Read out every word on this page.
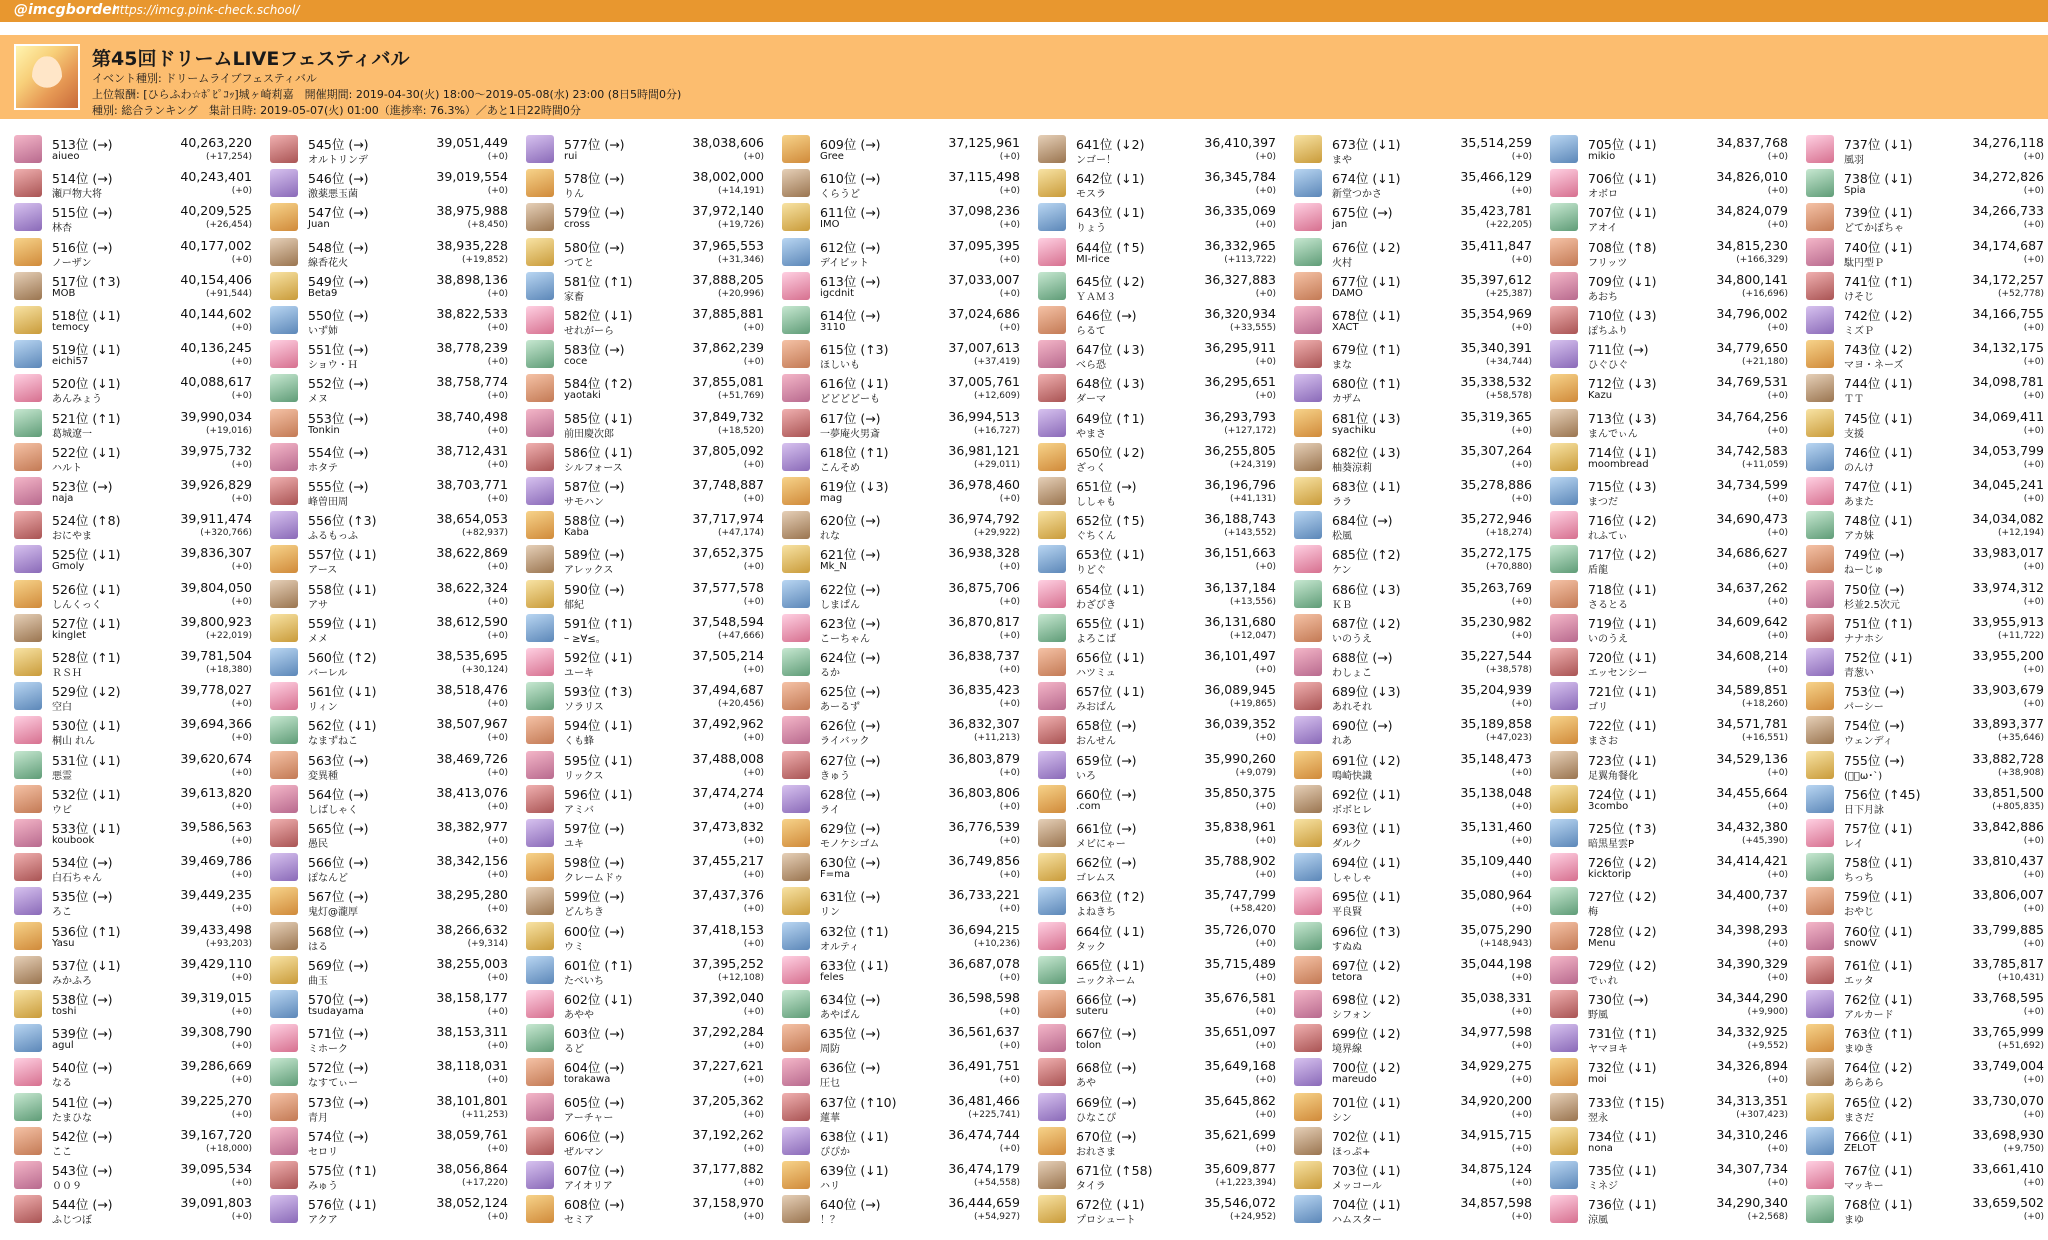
@imcgborder
https://imcg.pink-check.school/
第45回ドリームLIVEフェスティバル
イベント種別: ドリームライブフェスティバル
上位報酬: [ひらふわ☆ﾎﾟﾋﾟｺｯ]城ヶ崎莉嘉　開催期間: 2019-04-30(火) 18:00〜2019-05-08(水) 23:00 (8日5時間0分)
種別: 総合ランキング　集計日時: 2019-05-07(火) 01:00（進捗率: 76.3%）／あと1日22時間0分
513位 (→)
aiueo
40,263,220
(+17,254)
514位 (→)
瀬戸物大将
40,243,401
(+0)
515位 (→)
林杏
40,209,525
(+26,454)
516位 (→)
ノーザン
40,177,002
(+0)
517位 (↑3)
MOB
40,154,406
(+91,544)
518位 (↓1)
temocy
40,144,602
(+0)
519位 (↓1)
eichi57
40,136,245
(+0)
520位 (↓1)
あんみょう
40,088,617
(+0)
521位 (↑1)
葛城遼一
39,990,034
(+19,016)
522位 (↓1)
ハルト
39,975,732
(+0)
523位 (→)
naja
39,926,829
(+0)
524位 (↑8)
おにやま
39,911,474
(+320,766)
525位 (↓1)
Gmoly
39,836,307
(+0)
526位 (↓1)
しんくっく
39,804,050
(+0)
527位 (↓1)
kinglet
39,800,923
(+22,019)
528位 (↑1)
ＲＳＨ
39,781,504
(+18,380)
529位 (↓2)
空白
39,778,027
(+0)
530位 (↓1)
桐山 れん
39,694,366
(+0)
531位 (↓1)
悪霊
39,620,674
(+0)
532位 (↓1)
ウビ
39,613,820
(+0)
533位 (↓1)
koubook
39,586,563
(+0)
534位 (→)
白石ちゃん
39,469,786
(+0)
535位 (→)
ろこ
39,449,235
(+0)
536位 (↑1)
Yasu
39,433,498
(+93,203)
537位 (↓1)
みかふろ
39,429,110
(+0)
538位 (→)
toshi
39,319,015
(+0)
539位 (→)
agul
39,308,790
(+0)
540位 (→)
なる
39,286,669
(+0)
541位 (→)
たまひな
39,225,270
(+0)
542位 (→)
ここ
39,167,720
(+18,000)
543位 (→)
００９
39,095,534
(+0)
544位 (→)
ふじつぼ
39,091,803
(+0)
545位 (→)
オルトリンデ
39,051,449
(+0)
546位 (→)
激薬悪玉菌
39,019,554
(+0)
547位 (→)
Juan
38,975,988
(+8,450)
548位 (→)
線香花火
38,935,228
(+19,852)
549位 (→)
Beta9
38,898,136
(+0)
550位 (→)
いず姉
38,822,533
(+0)
551位 (→)
ショウ・Ｈ
38,778,239
(+0)
552位 (→)
メヌ
38,758,774
(+0)
553位 (→)
Tonkin
38,740,498
(+0)
554位 (→)
ホタテ
38,712,431
(+0)
555位 (→)
峰曽田周
38,703,771
(+0)
556位 (↑3)
ふるもっふ
38,654,053
(+82,937)
557位 (↓1)
アース
38,622,869
(+0)
558位 (↓1)
アサ
38,622,324
(+0)
559位 (↓1)
メメ
38,612,590
(+0)
560位 (↑2)
バーレル
38,535,695
(+30,124)
561位 (↓1)
リィン
38,518,476
(+0)
562位 (↓1)
なまずねこ
38,507,967
(+0)
563位 (→)
変異種
38,469,726
(+0)
564位 (→)
しばしゃく
38,413,076
(+0)
565位 (→)
愚民
38,382,977
(+0)
566位 (→)
ぽなんど
38,342,156
(+0)
567位 (→)
鬼灯@瀧厚
38,295,280
(+0)
568位 (→)
はる
38,266,632
(+9,314)
569位 (→)
曲玉
38,255,003
(+0)
570位 (→)
tsudayama
38,158,177
(+0)
571位 (→)
ミホーク
38,153,311
(+0)
572位 (→)
なすてぃー
38,118,031
(+0)
573位 (→)
青月
38,101,801
(+11,253)
574位 (→)
セロリ
38,059,761
(+0)
575位 (↑1)
みゅう
38,056,864
(+17,220)
576位 (↓1)
アクア
38,052,124
(+0)
577位 (→)
rui
38,038,606
(+0)
578位 (→)
りん
38,002,000
(+14,191)
579位 (→)
cross
37,972,140
(+19,726)
580位 (→)
つてと
37,965,553
(+31,346)
581位 (↑1)
家畜
37,888,205
(+20,996)
582位 (↓1)
せれがーら
37,885,881
(+0)
583位 (→)
coce
37,862,239
(+0)
584位 (↑2)
yaotaki
37,855,081
(+51,769)
585位 (↓1)
前田慶次郎
37,849,732
(+18,520)
586位 (↓1)
シルフォース
37,805,092
(+0)
587位 (→)
サモハン
37,748,887
(+0)
588位 (→)
Kaba
37,717,974
(+47,174)
589位 (→)
アレックス
37,652,375
(+0)
590位 (→)
郁紀
37,577,578
(+0)
591位 (↑1)
ｰ ≥∀≤。
37,548,594
(+47,666)
592位 (↓1)
ユーキ
37,505,214
(+0)
593位 (↑3)
ソラリス
37,494,687
(+20,456)
594位 (↓1)
くも蜂
37,492,962
(+0)
595位 (↓1)
リックス
37,488,008
(+0)
596位 (↓1)
アミバ
37,474,274
(+0)
597位 (→)
ユキ
37,473,832
(+0)
598位 (→)
クレームドゥ
37,455,217
(+0)
599位 (→)
どんちき
37,437,376
(+0)
600位 (→)
ウミ
37,418,153
(+0)
601位 (↑1)
たべいち
37,395,252
(+12,108)
602位 (↓1)
あやや
37,392,040
(+0)
603位 (→)
るど
37,292,284
(+0)
604位 (→)
torakawa
37,227,621
(+0)
605位 (→)
アーチャー
37,205,362
(+0)
606位 (→)
ぜルマン
37,192,262
(+0)
607位 (→)
アイオリア
37,177,882
(+0)
608位 (→)
セミア
37,158,970
(+0)
609位 (→)
Gree
37,125,961
(+0)
610位 (→)
くらうど
37,115,498
(+0)
611位 (→)
IMO
37,098,236
(+0)
612位 (→)
デイビット
37,095,395
(+0)
613位 (→)
igcdnit
37,033,007
(+0)
614位 (→)
3110
37,024,686
(+0)
615位 (↑3)
ほしいも
37,007,613
(+37,419)
616位 (↓1)
どどどどーも
37,005,761
(+12,609)
617位 (→)
一夢庵火男斎
36,994,513
(+16,727)
618位 (↑1)
こんそめ
36,981,121
(+29,011)
619位 (↓3)
mag
36,978,460
(+0)
620位 (→)
れな
36,974,792
(+29,922)
621位 (→)
Mk_N
36,938,328
(+0)
622位 (→)
しまぱん
36,875,706
(+0)
623位 (→)
こーちゃん
36,870,817
(+0)
624位 (→)
るか
36,838,737
(+0)
625位 (→)
あーるず
36,835,423
(+0)
626位 (→)
ライバック
36,832,307
(+11,213)
627位 (→)
きゅう
36,803,879
(+0)
628位 (→)
ライ
36,803,806
(+0)
629位 (→)
モノケシゴム
36,776,539
(+0)
630位 (→)
F=ma
36,749,856
(+0)
631位 (→)
リン
36,733,221
(+0)
632位 (↑1)
オルティ
36,694,215
(+10,236)
633位 (↓1)
feles
36,687,078
(+0)
634位 (→)
あやぱん
36,598,598
(+0)
635位 (→)
周防
36,561,637
(+0)
636位 (→)
圧乜
36,491,751
(+0)
637位 (↑10)
蓮華
36,481,466
(+225,741)
638位 (↓1)
ぴぴか
36,474,744
(+0)
639位 (↓1)
ハリ
36,474,179
(+54,558)
640位 (→)
！？
36,444,659
(+54,927)
641位 (↓2)
ンゴー！
36,410,397
(+0)
642位 (↓1)
モスラ
36,345,784
(+0)
643位 (↓1)
りょう
36,335,069
(+0)
644位 (↑5)
MI-rice
36,332,965
(+113,722)
645位 (↓2)
ＹＡＭ３
36,327,883
(+0)
646位 (→)
らるて
36,320,934
(+33,555)
647位 (↓3)
べら恐
36,295,911
(+0)
648位 (↓3)
ダーマ
36,295,651
(+0)
649位 (↑1)
やまさ
36,293,793
(+127,172)
650位 (↓2)
ざっく
36,255,805
(+24,319)
651位 (→)
ししゃも
36,196,796
(+41,131)
652位 (↑5)
ぐちくん
36,188,743
(+143,552)
653位 (↓1)
りどぐ
36,151,663
(+0)
654位 (↓1)
わざびき
36,137,184
(+13,556)
655位 (↓1)
よろこば
36,131,680
(+12,047)
656位 (↓1)
ハツミュ
36,101,497
(+0)
657位 (↓1)
みおぱん
36,089,945
(+19,865)
658位 (→)
おんせん
36,039,352
(+0)
659位 (→)
いろ
35,990,260
(+9,079)
660位 (→)
.com
35,850,375
(+0)
661位 (→)
メビにゃー
35,838,961
(+0)
662位 (→)
ゴレムス
35,788,902
(+0)
663位 (↑2)
よねきち
35,747,799
(+58,420)
664位 (↓1)
タック
35,726,070
(+0)
665位 (↓1)
ニックネーム
35,715,489
(+0)
666位 (→)
suteru
35,676,581
(+0)
667位 (→)
tolon
35,651,097
(+0)
668位 (→)
あや
35,649,168
(+0)
669位 (→)
ひなこぴ
35,645,862
(+0)
670位 (→)
おれさま
35,621,699
(+0)
671位 (↑58)
タイラ
35,609,877
(+1,223,394)
672位 (↓1)
プロシュート
35,546,072
(+24,952)
673位 (↓1)
まや
35,514,259
(+0)
674位 (↓1)
新堂つかさ
35,466,129
(+0)
675位 (→)
jan
35,423,781
(+22,205)
676位 (↓2)
火村
35,411,847
(+0)
677位 (↓1)
DAMO
35,397,612
(+25,387)
678位 (↓1)
XACT
35,354,969
(+0)
679位 (↑1)
まな
35,340,391
(+34,744)
680位 (↑1)
カザム
35,338,532
(+58,578)
681位 (↓3)
syachiku
35,319,365
(+0)
682位 (↓3)
柚葵涼莉
35,307,264
(+0)
683位 (↓1)
ララ
35,278,886
(+0)
684位 (→)
松風
35,272,946
(+18,274)
685位 (↑2)
ケン
35,272,175
(+70,880)
686位 (↓3)
ＫＢ
35,263,769
(+0)
687位 (↓2)
いのうえ
35,230,982
(+0)
688位 (→)
わしょこ
35,227,544
(+38,578)
689位 (↓3)
あれそれ
35,204,939
(+0)
690位 (→)
れあ
35,189,858
(+47,023)
691位 (↓2)
鳴崎快識
35,148,473
(+0)
692位 (↓1)
ボボヒレ
35,138,048
(+0)
693位 (↓1)
ダルク
35,131,460
(+0)
694位 (↓1)
しゃしゃ
35,109,440
(+0)
695位 (↓1)
平良賢
35,080,964
(+0)
696位 (↑3)
すぬぬ
35,075,290
(+148,943)
697位 (↓2)
tetora
35,044,198
(+0)
698位 (↓2)
シフォン
35,038,331
(+0)
699位 (↓2)
境界線
34,977,598
(+0)
700位 (↓2)
mareudo
34,929,275
(+0)
701位 (↓1)
シン
34,920,200
(+0)
702位 (↓1)
ほっぷ+
34,915,715
(+0)
703位 (↓1)
メッコール
34,875,124
(+0)
704位 (↓1)
ハムスター
34,857,598
(+0)
705位 (↓1)
mikio
34,837,768
(+0)
706位 (↓1)
オボロ
34,826,010
(+0)
707位 (↓1)
アオイ
34,824,079
(+0)
708位 (↑8)
フリッツ
34,815,230
(+166,329)
709位 (↓1)
あおち
34,800,141
(+16,696)
710位 (↓3)
ぽちふり
34,796,002
(+0)
711位 (→)
ひぐひぐ
34,779,650
(+21,180)
712位 (↓3)
Kazu
34,769,531
(+0)
713位 (↓3)
まんでぃん
34,764,256
(+0)
714位 (↓1)
moombread
34,742,583
(+11,059)
715位 (↓3)
まつだ
34,734,599
(+0)
716位 (↓2)
れふてぃ
34,690,473
(+0)
717位 (↓2)
盾龍
34,686,627
(+0)
718位 (↓1)
さるとる
34,637,262
(+0)
719位 (↓1)
いのうえ
34,609,642
(+0)
720位 (↓1)
エッセンシー
34,608,214
(+0)
721位 (↓1)
ゴリ
34,589,851
(+18,260)
722位 (↓1)
まさお
34,571,781
(+16,551)
723位 (↓1)
足翼角餐化
34,529,136
(+0)
724位 (↓1)
3combo
34,455,664
(+0)
725位 (↑3)
暗黒星雲P
34,432,380
(+45,390)
726位 (↓2)
kicktorip
34,414,421
(+0)
727位 (↓2)
梅
34,400,737
(+0)
728位 (↓2)
Menu
34,398,293
(+0)
729位 (↓2)
でぃれ
34,390,329
(+0)
730位 (→)
野風
34,344,290
(+9,900)
731位 (↑1)
ヤマヨキ
34,332,925
(+9,552)
732位 (↓1)
moi
34,326,894
(+0)
733位 (↑15)
翌永
34,313,351
(+307,423)
734位 (↓1)
nona
34,310,246
(+0)
735位 (↓1)
ミネジ
34,307,734
(+0)
736位 (↓1)
涼風
34,290,340
(+2,568)
737位 (↓1)
風羽
34,276,118
(+0)
738位 (↓1)
Spia
34,272,826
(+0)
739位 (↓1)
どてかぼちゃ
34,266,733
(+0)
740位 (↓1)
駄円型Ｐ
34,174,687
(+0)
741位 (↑1)
けそじ
34,172,257
(+52,778)
742位 (↓2)
ミズＰ
34,166,755
(+0)
743位 (↓2)
マヨ・ネーズ
34,132,175
(+0)
744位 (↓1)
ＴＴ
34,098,781
(+0)
745位 (↓1)
支援
34,069,411
(+0)
746位 (↓1)
のんけ
34,053,799
(+0)
747位 (↓1)
あまた
34,045,241
(+0)
748位 (↓1)
アカ妹
34,034,082
(+12,194)
749位 (→)
ねーじゅ
33,983,017
(+0)
750位 (→)
杉並2.5次元
33,974,312
(+0)
751位 (↑1)
ナナホシ
33,955,913
(+11,722)
752位 (↓1)
青葱い
33,955,200
(+0)
753位 (→)
パーシー
33,903,679
(+0)
754位 (→)
ウェンディ
33,893,377
(+35,646)
755位 (→)
(ﾟ･ω･`)
33,882,728
(+38,908)
756位 (↑45)
日下月詠
33,851,500
(+805,835)
757位 (↓1)
レイ
33,842,886
(+0)
758位 (↓1)
ちっち
33,810,437
(+0)
759位 (↓1)
おやじ
33,806,007
(+0)
760位 (↓1)
snowV
33,799,885
(+0)
761位 (↓1)
エッタ
33,785,817
(+10,431)
762位 (↓1)
アルカード
33,768,595
(+0)
763位 (↑1)
まゆき
33,765,999
(+51,692)
764位 (↓2)
あらあら
33,749,004
(+0)
765位 (↓2)
まさだ
33,730,070
(+0)
766位 (↓1)
ZELOT
33,698,930
(+9,750)
767位 (↓1)
マッキー
33,661,410
(+0)
768位 (↓1)
まゆ
33,659,502
(+0)
